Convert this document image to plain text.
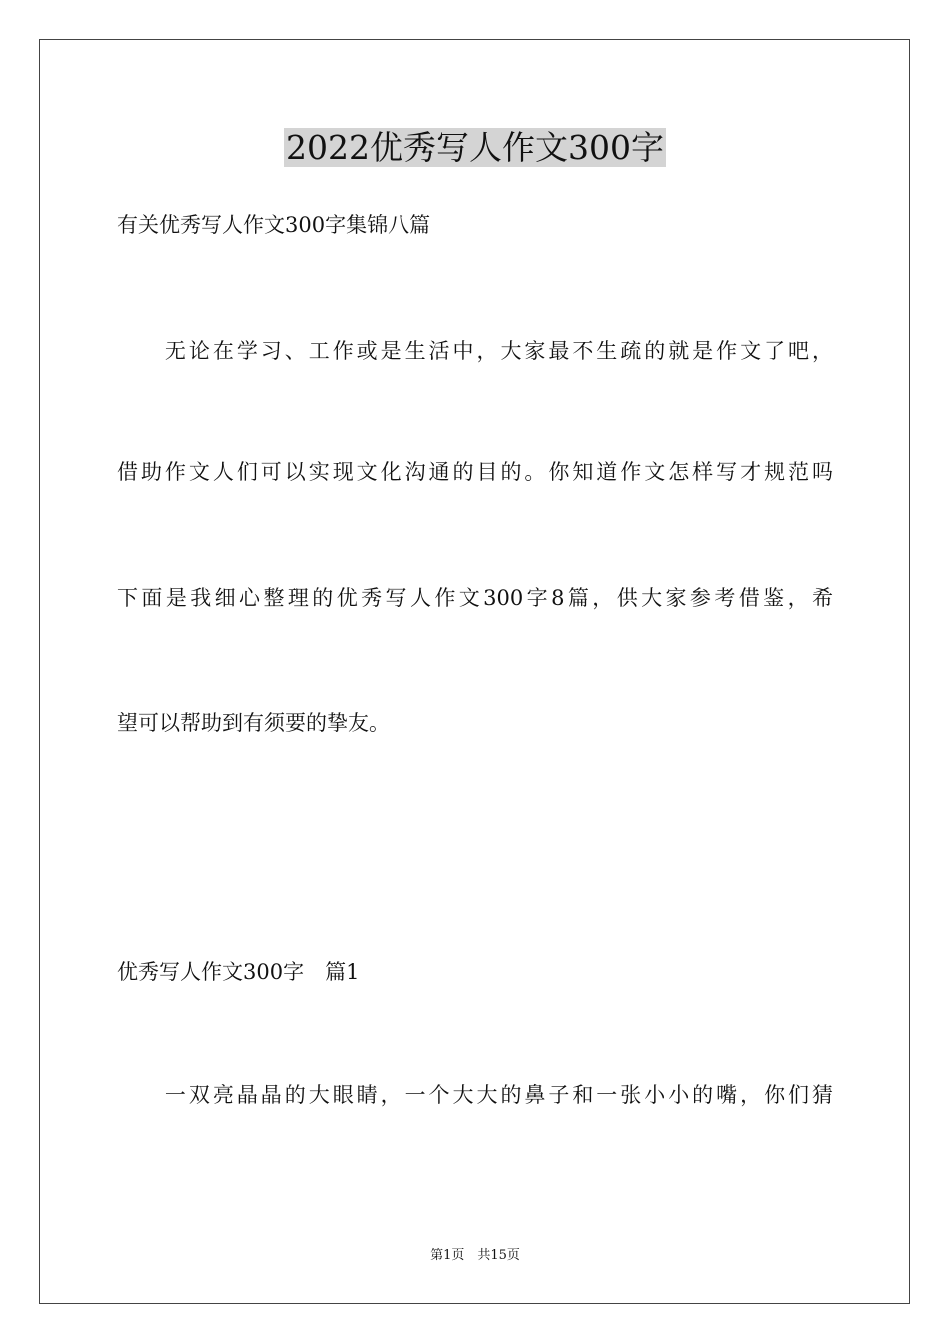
2022优秀写人作文300字

有关优秀写人作文300字集锦八篇

　　无论在学习、工作或是生活中，大家最不生疏的就是作文了吧，

借助作文人们可以实现文化沟通的目的。你知道作文怎样写才规范吗

下面是我细心整理的优秀写人作文300字8篇，供大家参考借鉴，希

望可以帮助到有须要的挚友。

优秀写人作文300字　篇1

　　一双亮晶晶的大眼睛，一个大大的鼻子和一张小小的嘴，你们猜

第1页　共15页
